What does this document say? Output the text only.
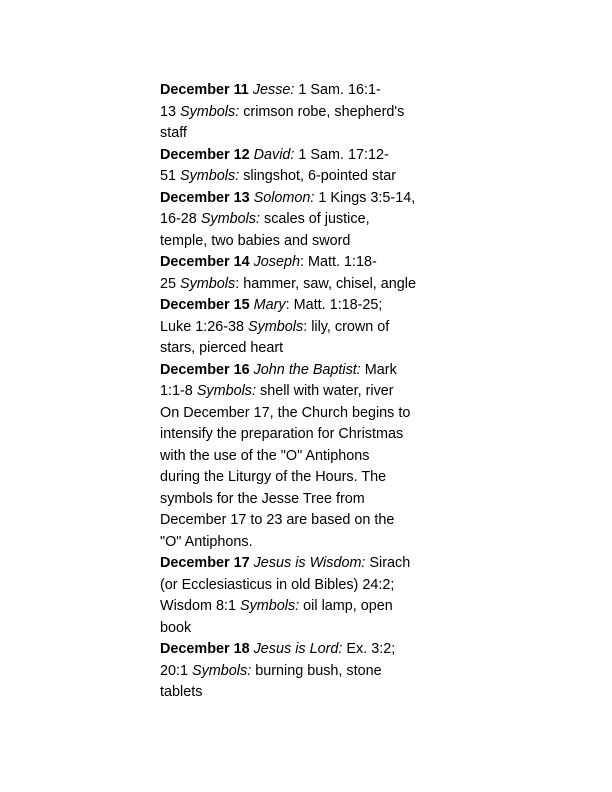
December 11 Jesse: 1 Sam. 16:1-
13 Symbols: crimson robe, shepherd's
staff
December 12 David: 1 Sam. 17:12-
51 Symbols: slingshot, 6-pointed star
December 13 Solomon: 1 Kings 3:5-14,
16-28 Symbols: scales of justice,
temple, two babies and sword
December 14 Joseph: Matt. 1:18-
25 Symbols: hammer, saw, chisel, angle
December 15 Mary: Matt. 1:18-25;
Luke 1:26-38 Symbols: lily, crown of
stars, pierced heart
December 16 John the Baptist: Mark
1:1-8 Symbols: shell with water, river
On December 17, the Church begins to
intensify the preparation for Christmas
with the use of the "O" Antiphons
during the Liturgy of the Hours. The
symbols for the Jesse Tree from
December 17 to 23 are based on the
"O" Antiphons.
December 17 Jesus is Wisdom: Sirach
(or Ecclesiasticus in old Bibles) 24:2;
Wisdom 8:1 Symbols: oil lamp, open
book
December 18 Jesus is Lord: Ex. 3:2;
20:1 Symbols: burning bush, stone
tablets
